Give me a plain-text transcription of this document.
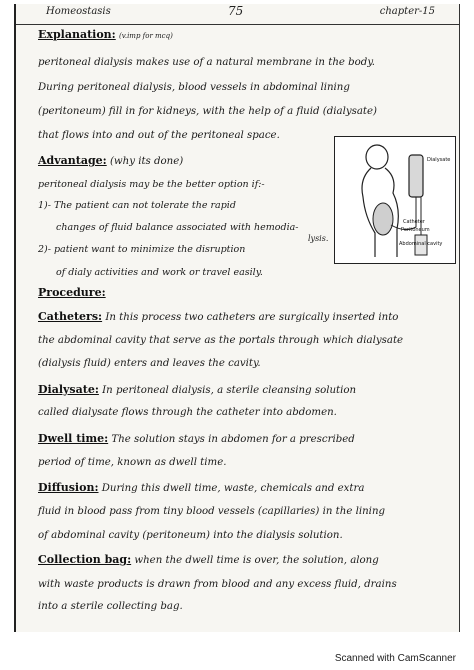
Homeostasis	75	chapter-15
Explanation: (v.imp for mcq)
peritoneal dialysis makes use of a natural membrane in the body.
During peritoneal dialysis, blood vessels in abdominal lining
(peritoneum) fill in for kidneys, with the help of a fluid (dialysate)
that flows into and out of the peritoneal space.
Advantage: (why its done)
peritoneal dialysis may be the better option if:-
1)- The patient can not tolerate the rapid
changes of fluid balance associated with hemodia-
lysis.
2)- patient want to minimize the disruption
of dialy activities and work or travel easily.
Dialysate
Catheter
Peritoneum
Abdominal cavity
Procedure:
Catheters: In this process two catheters are surgically inserted into
the abdominal cavity that serve as the portals through which dialysate
(dialysis fluid) enters and leaves the cavity.
Dialysate: In peritoneal dialysis, a sterile cleansing solution
called dialysate flows through the catheter into abdomen.
Dwell time: The solution stays in abdomen for a prescribed
period of time, known as dwell time.
Diffusion: During this dwell time, waste, chemicals and extra
fluid in blood pass from tiny blood vessels (capillaries) in the lining
of abdominal cavity (peritoneum) into the dialysis solution.
Collection bag: when the dwell time is over, the solution, along
with waste products is drawn from blood and any excess fluid, drains
into a sterile collecting bag.
Scanned with CamScanner
